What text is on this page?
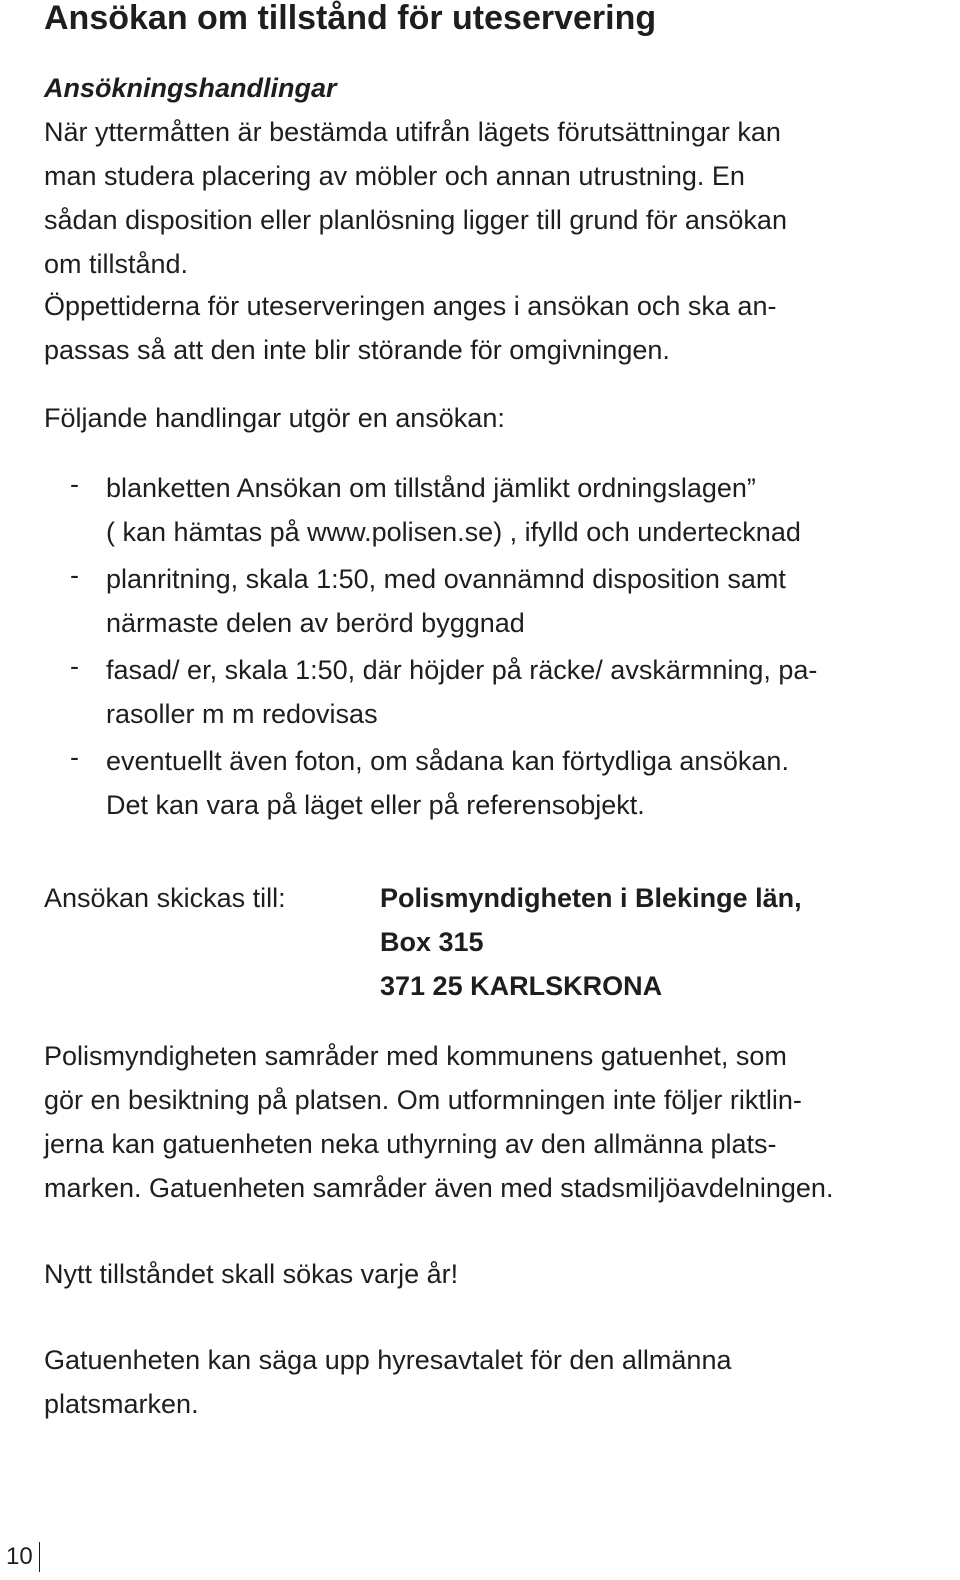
Ansökan om tillstånd för uteservering
Ansökningshandlingar

När yttermåtten är bestämda utifrån lägets förutsättningar kan
man studera placering av möbler och annan utrustning. En
sådan disposition eller planlösning ligger till grund för ansökan
om tillstånd.

Öppettiderna för uteserveringen anges i ansökan och ska an-
passas så att den inte blir störande för omgivningen.

Följande handlingar utgör en ansökan:

- blanketten Ansökan om tillstånd jämlikt ordningslagen”
( kan hämtas på www.polisen.se) , ifylld och undertecknad
- planritning, skala 1:50, med ovannämnd disposition samt
närmaste delen av berörd byggnad
- fasad/ er, skala 1:50, där höjder på räcke/ avskärmning, pa-
rasoller m m redovisas
- eventuellt även foton, om sådana kan förtydliga ansökan.
Det kan vara på läget eller på referensobjekt.
Ansökan skickas till:	Polismyndigheten i Blekinge län,
Box 315
371 25 KARLSKRONA

Polismyndigheten samråder med kommunens gatuenhet, som
gör en besiktning på platsen. Om utformningen inte följer riktlin-
jerna kan gatuenheten neka uthyrning av den allmänna plats-
marken. Gatuenheten samråder även med stadsmiljöavdelningen.

Nytt tillståndet skall sökas varje år!

Gatuenheten kan säga upp hyresavtalet för den allmänna
platsmarken.

10
